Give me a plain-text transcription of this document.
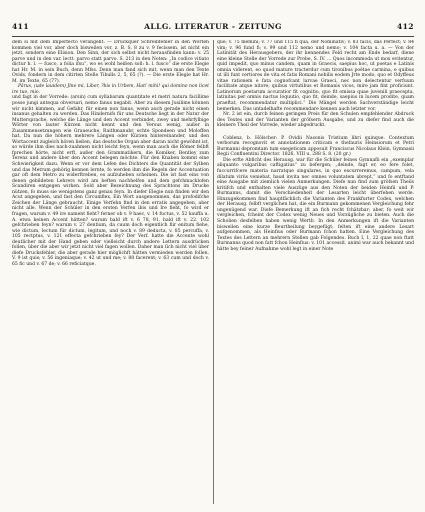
411	ALLG. LITERATUR - ZEITUNG	412

dem si mit dem Imperfecto verangeht. — Druckquer Schreibfehler in den Worten kommen viel vor, aber doch bisweilen vor, z. B. S. 8 zu v. 9 fecissem, ist nicht ein jetzt, sondern eine Elision. Den Sinn, der sich selbst nicht herausfinden kann: v. 25 parve und in den var. lectt. parvo statt parvo. S. 213 in den Noten: „In codice vitiato dictur h. l. — fusco, a folia ifsu“, wo es wohl heißen soll: h. l. fusco“ die erste Elegie hat Hr. M. in sein Buch, denn Mfss. Denn man fand sich mit, wenn man den Texte Ovids, fondern in dem citirten Stelle Tibulls 2, 5, 65 (?). — Die erste Elegie hat Hr. M. im Texte, 65 (77).

Pârus, (ude lauidem) Jlne mi, Liber, ?bis in Urbem, Hat! mihi! qui domino non licet ire tuo, mio.

und fagt in der Vorrede: (arsin) cum syllabarum quantitate et metri natura facillime posse jungi antequa obversari, nemo fanus negabit. Aber zu diesem Jusilime können wir nicht kimmen, auf Gefahr, für einen non fanus, wenn auch gerade nicht einen insanus gehalten zu werden. Das Hindernifs für uns Deutsche liegt in der Natur der Muttersprache, welche die Länge und den Accent verbindet, zwey und mehrfylbige Wörter von lauter Kürzen nicht kennt und den Versus wenig, außer in Zusammensetzungen wie Graueuche, Raithmanubr, echte Spondeen und Moloffen hat. Da nun die höhern mehrere Längen oder Kürzen hintereinander, und den Wortaccent zugleich hören ließen, das deutsche Organ aber daran nicht gewöhnt ist, so würde ihm dies nach-zuahmen nicht leicht feyn, wenn man auch die Römer felbft fprechen hörte, nicht erft, außer den Grammatikern, die Komiker, Bentley zum Terenz und andere über den Accent belegen möchte. Für den Knaben kommt eine Schwierigkeit dazu. Wenn er vor dem Lefen des Dichters die Quantität der Sylben und das Metrum gehörig kennen lernte, fo werden ihm die Regeln der Accentuation gar oft dem Metro zu widerftreben, es aufzuheben scheinen. Die ist fast eins von denen gebildeten Lehrers wird am beften nachhelfen und dem gefchmacklofen Scandiren entgegen wirken. Sold aber Bezeichnung des Sprachtons im Drucke nützen, fo muss sie wenigstens ganz genau feyn. In diefer Elegie nun finden wir den Acut angegeben, und fast den Circumflex, Ein Wort ausgenommen, das profodifche Zeichen der Länge gebraucht. Einige Verfehn find in den erratis angegeben, aber nicht alle. Wenn der Schüler in den ersten Verfen ibis und Ire fieht, fo wird er fragen, warum v. 49 ire nament fieht? ferner ob v. 9 haec, v. 14 fuctus, v. 52 kauffa u. A. etwa keinen Accent hätten? warum bald ift v. 6 78, 91. bald ift v. 22. 102 gefchrieben feyn? warum v. 27 dentium, da cuum doch eigentlich fiir enitum fiehe, wie dictum, lectum für dictum, legitum, und noch v. 89 deducta, v. 85 percuffa, v. 105 rectptus, v. 121 effecta gefchrieben fey? Der Verf. hatte die Accente wohl deutlicher mit der Hand geben oder vielleicht durch andere Lettern ausdrücken follen, über die aber wir jetzt nicht viel fagen wollen. Daher man ſich nicht viel über diefe Drucksfehler, die aber gerade hier möglichft hätten vermieden werden follen. V. 9 ist quis; v. 56 ingeniaque; v. 42 ut und me; v. 88 facerent; v. 63 cum und doch v. 65 fic und v. 67 de; v. 66 reficiatque.

que; v. 75 memini; v. 77 und 115 fi qua, der Nominativ; v. 83 facis, das Perfect; v. 84 vim; v. 96 fund fi; v. 99 und 112 nemo und nemo; v. 104 facta u. a. — Von der Latinität des Herausgebers, der ihr kennendes Feld recht am Ende bedarf, diene eine kleine Stelle der Vorrede zur Probe, S. IV. ... Quos incommoda ut mox evitentur, quid impedit, quo minus candem, quam in Graecis, saepius hoc, ut poetas e Latinis omnia viderent, eo quod mature tracterdur cum tironibus poëtae carmina, e quibus ut illi funt certiores de vita et fatis Romani nobilis eodem Jrte modo, quo et Odyffeus vitae rationem e fata cognofcant larvae Graeci, nec non delectentur verfuum facilitate atque nitore; quibus virtutibus et Romanis vicos, mire jam fint proficiunt. Latinorum poetarum accuratior fit cognitio, quo fit omissa quae juvenili praecepta, latinitas per omnis nactus loquutio, quo fit, deinde, saepius in lucem prodite, quam praeftat, recommendatur multiplici.“ Die Mängel werden Sachverständige leicht bemerken. Das untadelhafte recommendare kennen auch letzter vor.

Nr. 2 ist ein, durch feinen geringen Preis für den Schulen empfehlender Abdruck des Textes und der Varianten der gröfsern Ausgabe, und zu diefer find auch die kleinere Theil der Vorrede, wieder abgedruckt.

Coblenz, b. Hölscher: P. Ovidii Nasonis Tristium libri quinque. Contextum verborum recognovit et annotationem criticam e thefauris Heinsiorum et Petri Burmanni depromtam tum exegeticam apposuit Franciscus Nicolaus Klein, Gymnasii Regii Confluentini Director. 1826. VIII u. 288 S. 8. (20 gr.)

Die erfte Abficht des Herausg. war für die Schüler feines Gymnafii ein „exemplar aliquanto vulgaribus caftigatius“ zu befergen; „deinde, fagt er, eo fere folet, fuccurrifcere materia narratque singulares, in quo excurreremus, campum, vela dilatum viriis veniebat, haud invita nec omnes voluntatem abrept,“ und fo entftand eine Ausgabe mit ziemlich vielen Anmerkungen. Diefe nun find zum gröfsen Theils kritifch und enthalten viele Auszüge aus den Noten der beiden Heinfii und P. Burmanns, damit die Verschiedenheit der Lesarten leicht überfehen werde. Hinzugekommen find hauptfächlich die Varianten des Frankfurter Codex, welchen der Herausg. felbft verglichen hat, die ein Burmann gekommenen Vergleichung fehr ungenügend war. Diefe Bemerkung ift an fich recht fchätzbar; aber, fo weit wir vergleichen, fcheint der Codex wenig Neues und Vorzügliche zu bieten. Auch die Scholien desfelben haben wenig Wertb. In den Anmerkungen ift die Varianten bisweilen eine kurze Beurtheilung beygefügt; felten ift eine andere Lesart aufgenommen, als Heinfius oder Burmann fchon hatten. Eine Vergleichung des Textes des Lettern an mehrern Stellen gab Folgendes. Buch I, 1, 22 quae non ftatt Burmanns quod non fatt fchon Heinfius: v. 101 accessit. animi war auch bekannt und hätte bey feiner Aufnahme wohl legt in einer Note
